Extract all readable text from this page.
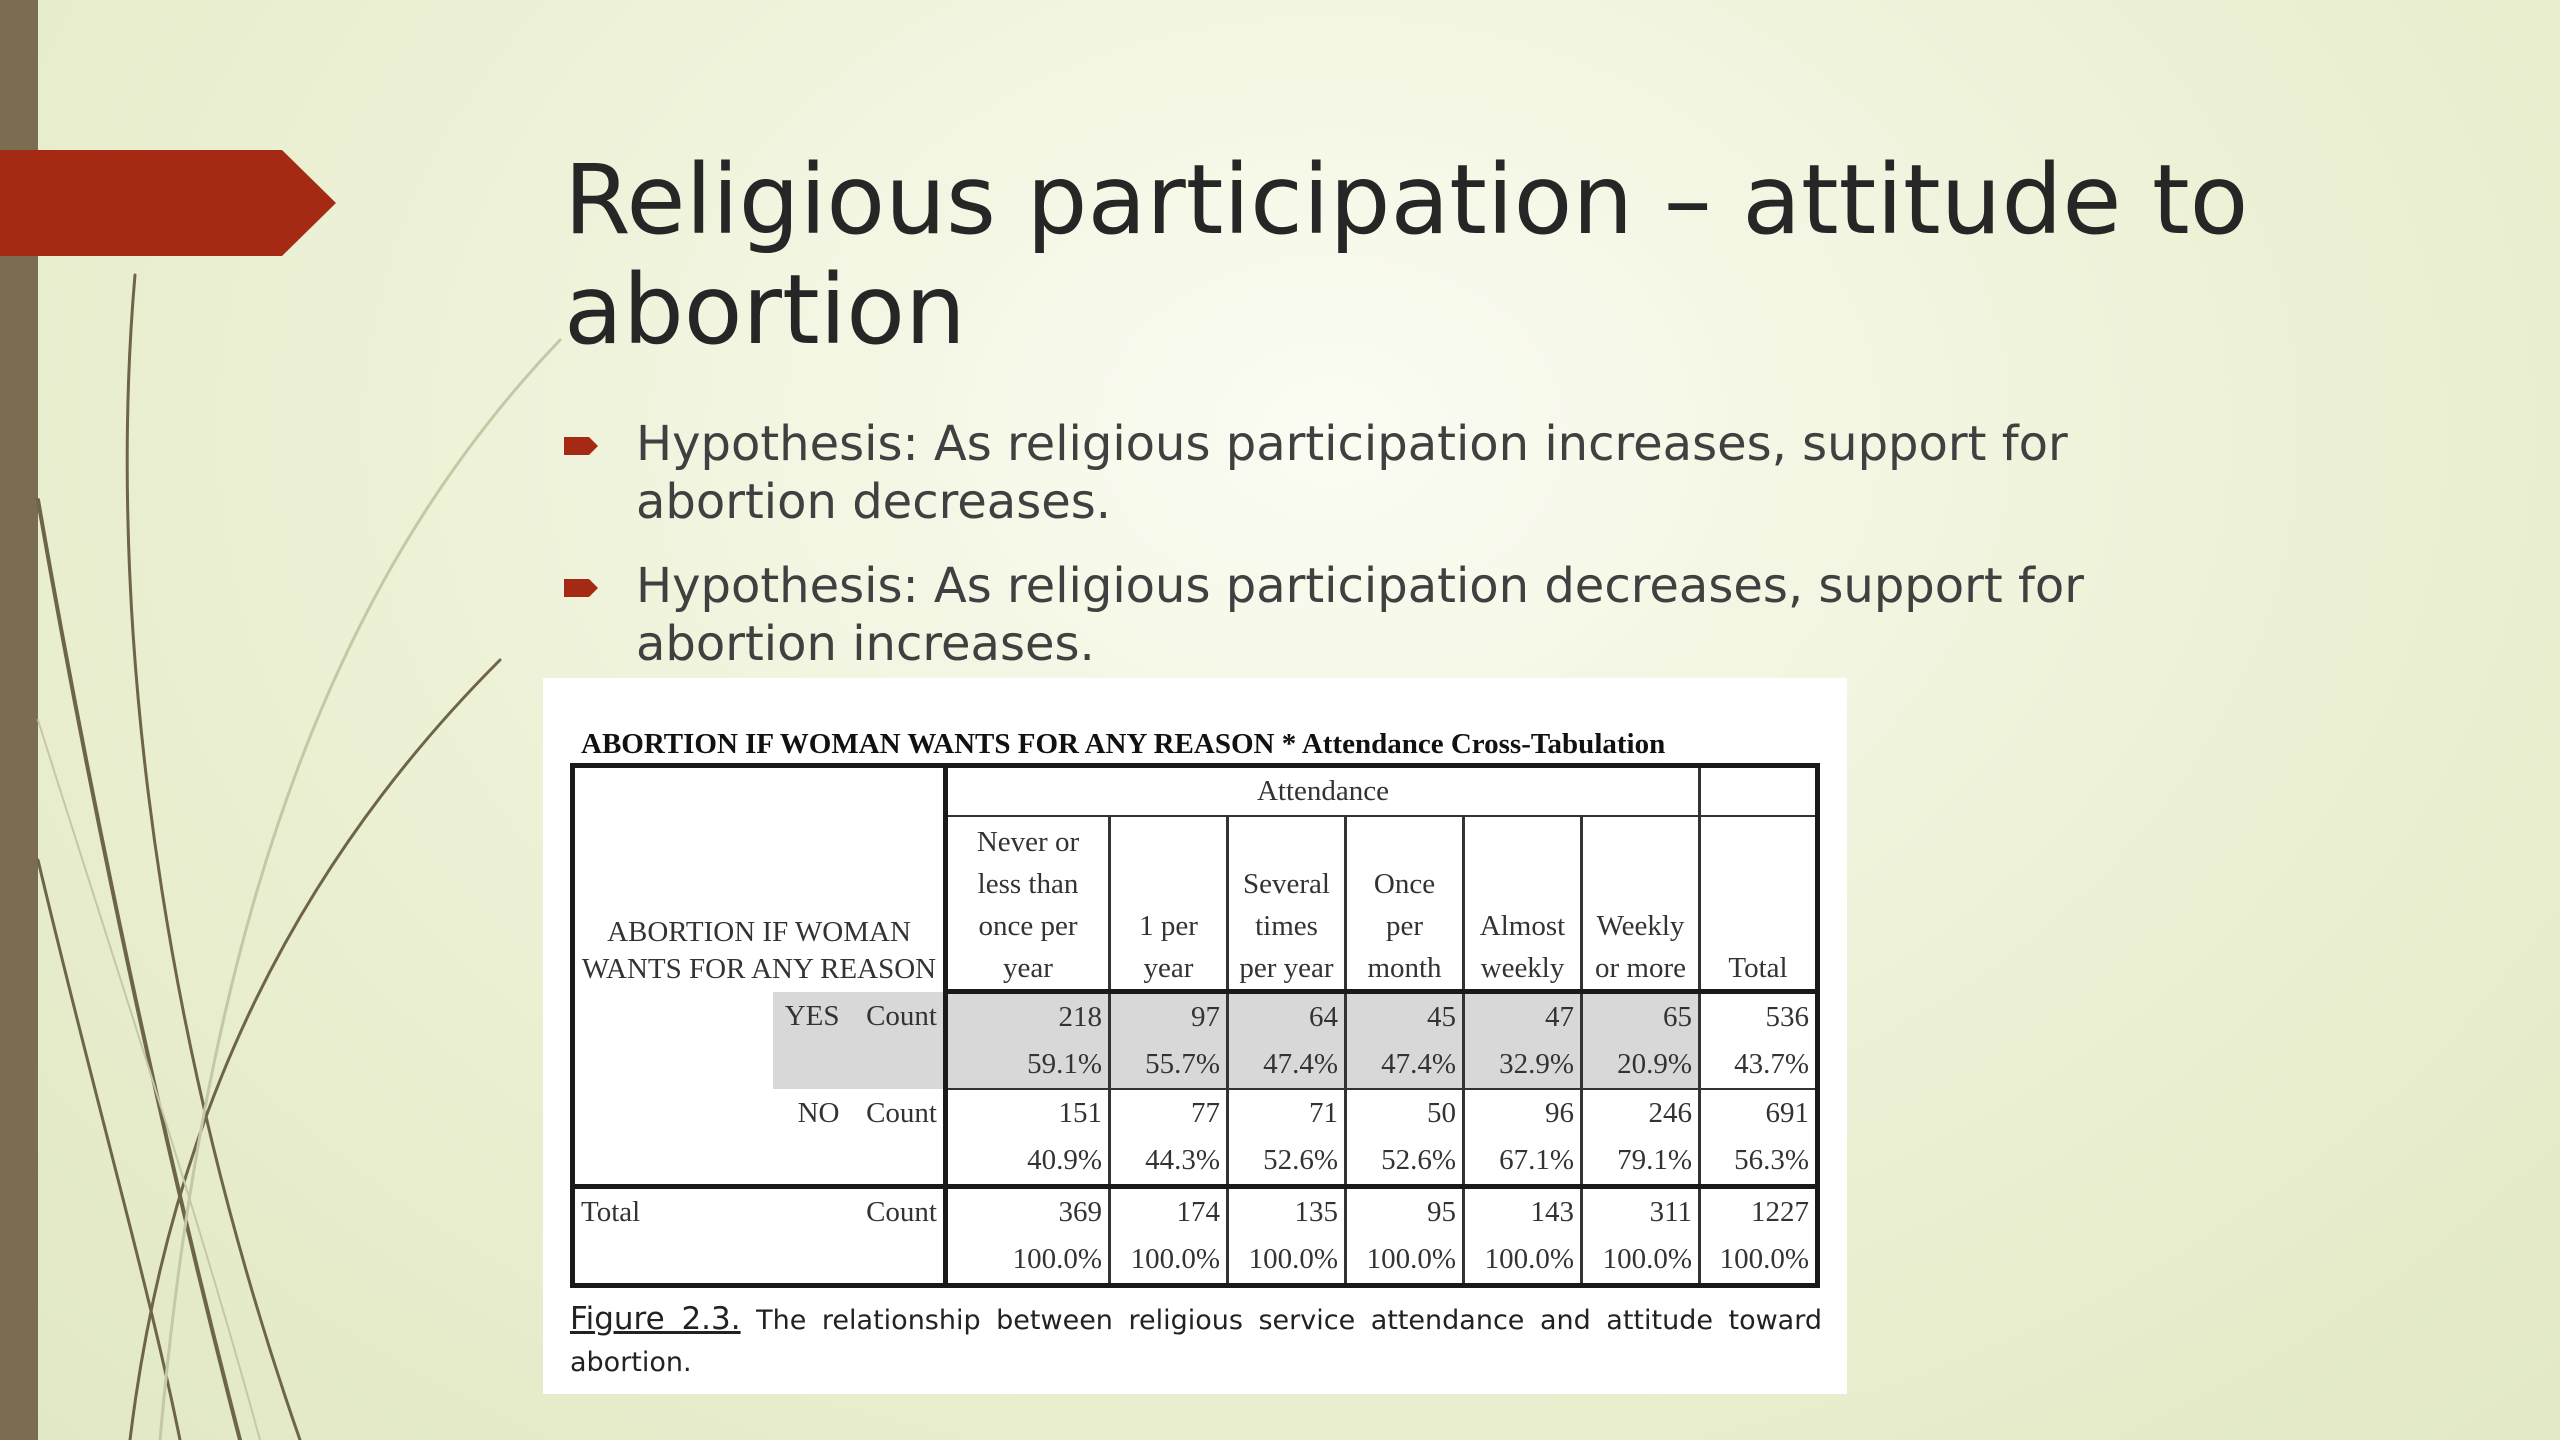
Religious participation – attitude to abortion
Hypothesis: As religious participation increases, support for abortion decreases.
Hypothesis: As religious participation decreases, support for abortion increases.

ABORTION IF WOMAN WANTS FOR ANY REASON * Attendance Cross-Tabulation

ABORTION IF WOMAN WANTS FOR ANY REASON			Attendance						
			Never or less than once per year	1 per year	Several times per year	Once per month	Almost weekly	Weekly or more	Total
	YES	Count	218	97	64	45	47	65	536
			59.1%	55.7%	47.4%	47.4%	32.9%	20.9%	43.7%
	NO	Count	151	77	71	50	96	246	691
			40.9%	44.3%	52.6%	52.6%	67.1%	79.1%	56.3%
Total		Count	369	174	135	95	143	311	1227
			100.0%	100.0%	100.0%	100.0%	100.0%	100.0%	100.0%

Figure 2.3. The relationship between religious service attendance and attitude toward abortion.
